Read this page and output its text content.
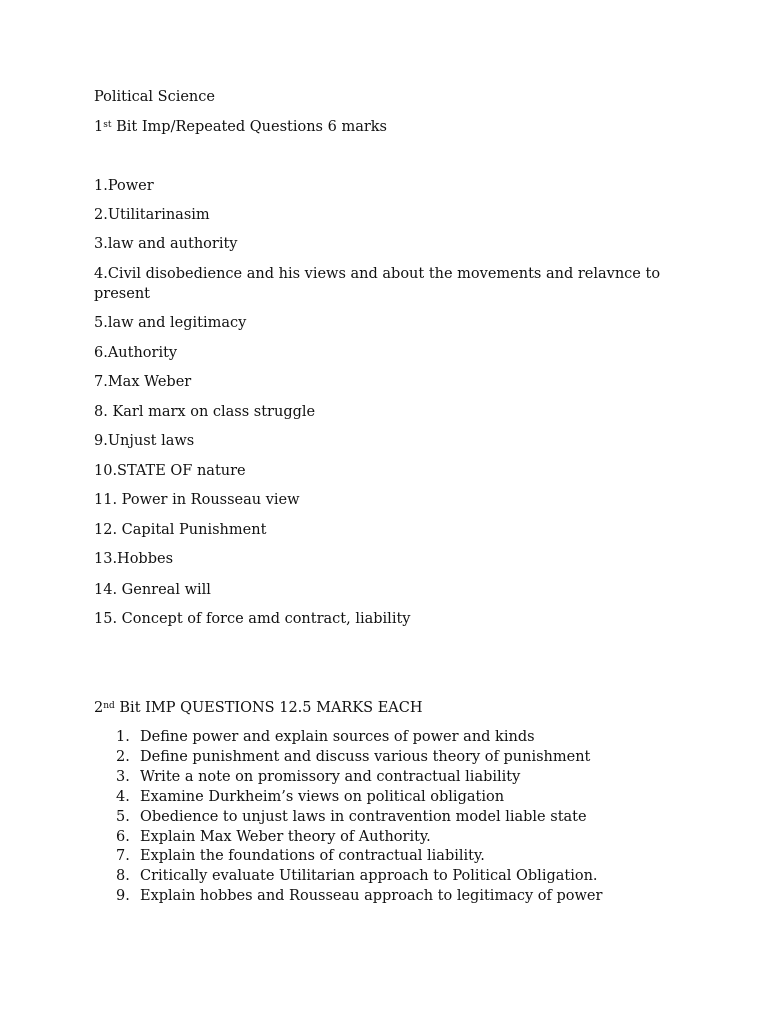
Political Science
1st Bit Imp/Repeated Questions 6 marks
1.Power
2.Utilitarinasim
3.law and authority
4.Civil disobedience and his views and about the movements and relavnce to present
5.law and legitimacy
6.Authority
7.Max Weber
8. Karl marx on class struggle
9.Unjust laws
10.STATE OF nature
11. Power in Rousseau view
12. Capital Punishment
13.Hobbes
14. Genreal will
15. Concept of force amd contract, liability
2nd Bit IMP QUESTIONS 12.5 MARKS EACH
1. Define power and explain sources of power and kinds
2. Define punishment and discuss various theory of punishment
3. Write a note on promissory and contractual liability
4. Examine Durkheim’s views on political obligation
5. Obedience to unjust laws in contravention model liable state
6. Explain Max Weber theory of Authority.
7. Explain the foundations of contractual liability.
8. Critically evaluate Utilitarian approach to Political Obligation.
9. Explain hobbes and Rousseau approach to legitimacy of power
